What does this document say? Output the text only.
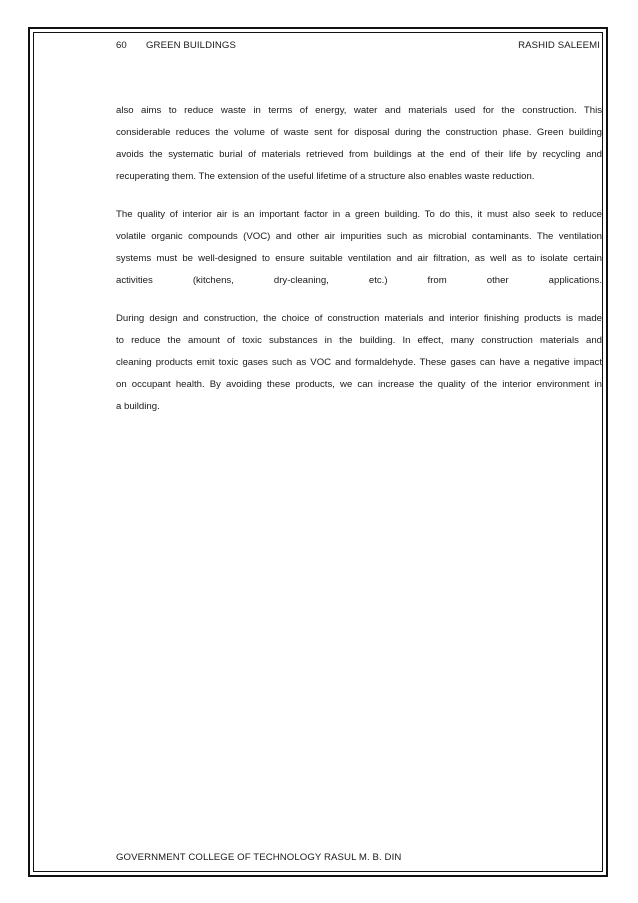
60 GREEN BUILDINGS	RASHID SALEEMI
also aims to reduce waste in terms of energy, water and materials used for the construction. This
considerable reduces the volume of waste sent for disposal during the construction phase. Green building
avoids the systematic burial of materials retrieved from buildings at the end of their life by recycling and
recuperating them. The extension of the useful lifetime of a structure also enables waste reduction.
The quality of interior air is an important factor in a green building. To do this, it must also seek to reduce
volatile organic compounds (VOC) and other air impurities such as microbial contaminants. The ventilation
systems must be well-designed to ensure suitable ventilation and air filtration, as well as to isolate certain
activities (kitchens, dry-cleaning, etc.) from other applications.
During design and construction, the choice of construction materials and interior finishing products is made
to reduce the amount of toxic substances in the building. In effect, many construction materials and
cleaning products emit toxic gases such as VOC and formaldehyde. These gases can have a negative impact
on occupant health. By avoiding these products, we can increase the quality of the interior environment in
a building.
GOVERNMENT COLLEGE OF TECHNOLOGY RASUL M. B. DIN
